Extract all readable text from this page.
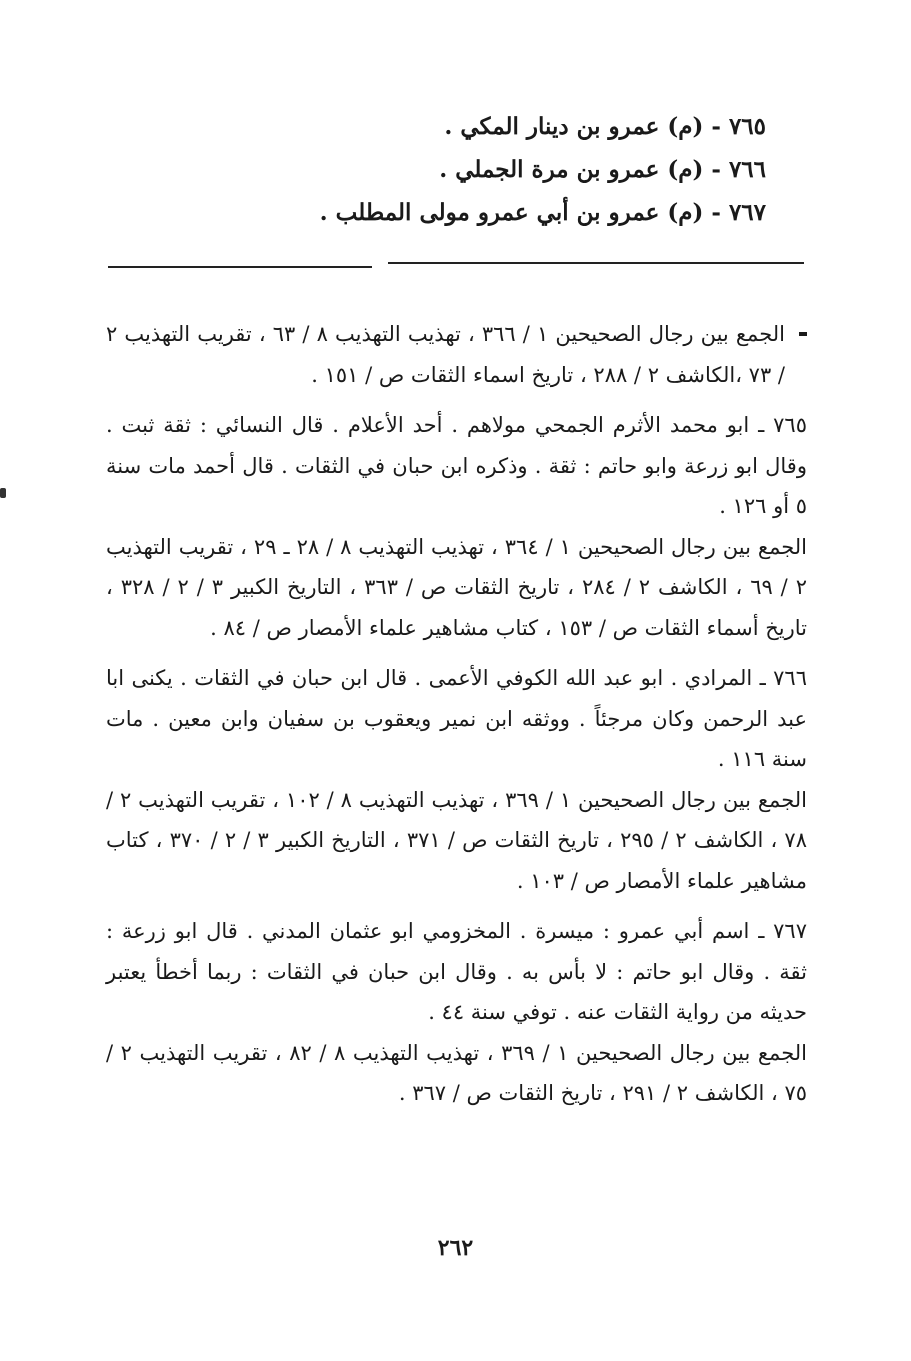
٧٦٥ - (م) عمرو بن دينار المكي .
٧٦٦ - (م) عمرو بن مرة الجملي .
٧٦٧ - (م) عمرو بن أبي عمرو مولى المطلب .
الجمع بين رجال الصحيحين ١ / ٣٦٦ ، تهذيب التهذيب ٨ / ٦٣ ، تقريب التهذيب ٢ / ٧٣ ،الكاشف ٢ / ٢٨٨ ، تاريخ اسماء الثقات ص / ١٥١ .
٧٦٥ ـ ابو محمد الأثرم الجمحي مولاهم . أحد الأعلام . قال النسائي : ثقة ثبت . وقال ابو زرعة وابو حاتم : ثقة . وذكره ابن حبان في الثقات . قال أحمد مات سنة ٥ أو ١٢٦ .
الجمع بين رجال الصحيحين ١ / ٣٦٤ ، تهذيب التهذيب ٨ / ٢٨ ـ ٢٩ ، تقريب التهذيب ٢ / ٦٩ ، الكاشف ٢ / ٢٨٤ ، تاريخ الثقات ص / ٣٦٣ ، التاريخ الكبير ٣ / ٢ / ٣٢٨ ، تاريخ أسماء الثقات ص / ١٥٣ ، كتاب مشاهير علماء الأمصار ص / ٨٤ .
٧٦٦ ـ المرادي . ابو عبد الله الكوفي الأعمى . قال ابن حبان في الثقات . يكنى ابا عبد الرحمن وكان مرجئاً . ووثقه ابن نمير ويعقوب بن سفيان وابن معين . مات سنة ١١٦ .
الجمع بين رجال الصحيحين ١ / ٣٦٩ ، تهذيب التهذيب ٨ / ١٠٢ ، تقريب التهذيب ٢ / ٧٨ ، الكاشف ٢ / ٢٩٥ ، تاريخ الثقات ص / ٣٧١ ، التاريخ الكبير ٣ / ٢ / ٣٧٠ ، كتاب مشاهير علماء الأمصار ص / ١٠٣ .
٧٦٧ ـ اسم أبي عمرو : ميسرة . المخزومي ابو عثمان المدني . قال ابو زرعة : ثقة . وقال ابو حاتم : لا بأس به . وقال ابن حبان في الثقات : ربما أخطأ يعتبر حديثه من رواية الثقات عنه . توفي سنة ٤٤ .
الجمع بين رجال الصحيحين ١ / ٣٦٩ ، تهذيب التهذيب ٨ / ٨٢ ، تقريب التهذيب ٢ / ٧٥ ، الكاشف ٢ / ٢٩١ ، تاريخ الثقات ص / ٣٦٧ .
٢٦٢
